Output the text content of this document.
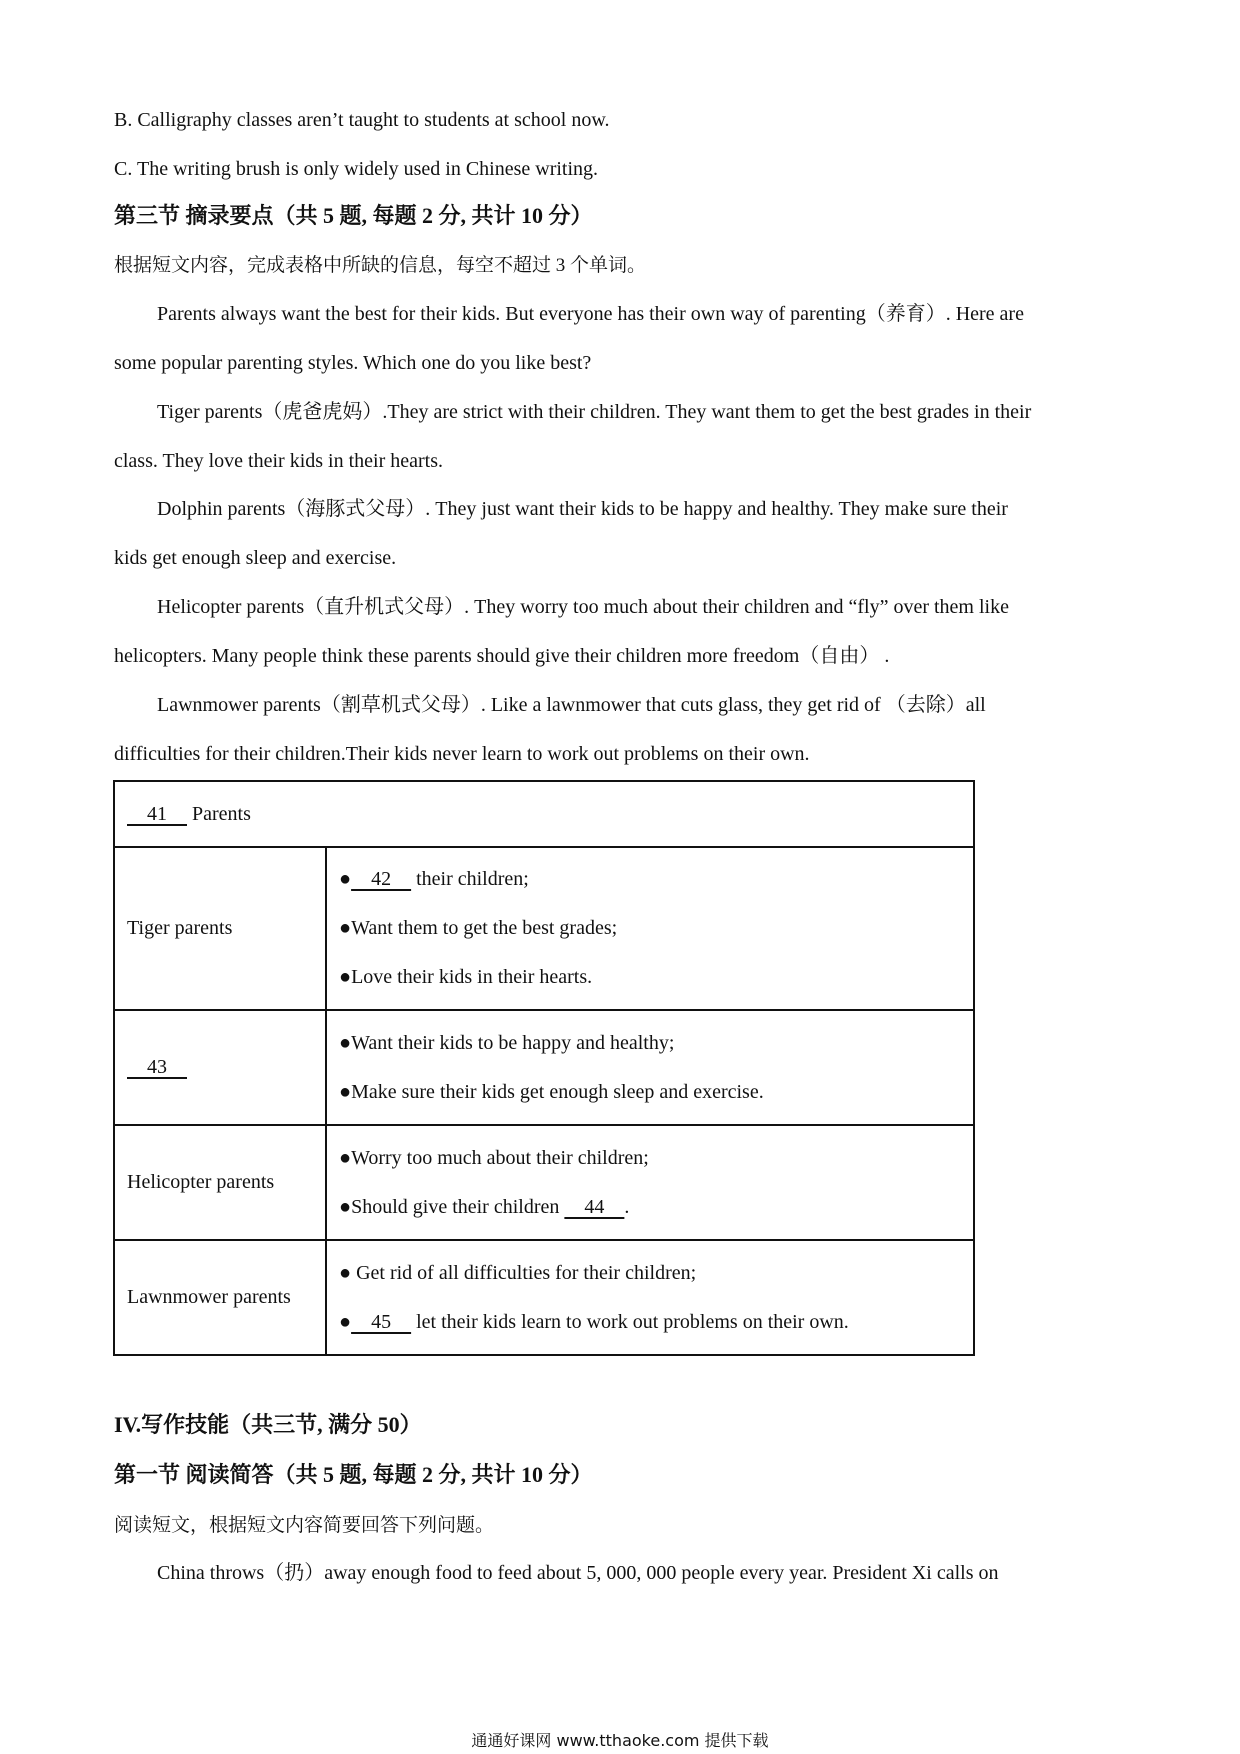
B. Calligraphy classes aren’t taught to students at school now.
C. The writing brush is only widely used in Chinese writing.
第三节 摘录要点（共 5 题, 每题 2 分, 共计 10 分）
根据短文内容，完成表格中所缺的信息，每空不超过 3 个单词。
Parents always want the best for their kids. But everyone has their own way of parenting（养育）. Here are
some popular parenting styles. Which one do you like best?
Tiger parents（虎爸虎妈）.They are strict with their children. They want them to get the best grades in their
class. They love their kids in their hearts.
Dolphin parents（海豚式父母）. They just want their kids to be happy and healthy. They make sure their
kids get enough sleep and exercise.
Helicopter parents（直升机式父母）. They worry too much about their children and “fly” over them like
helicopters. Many people think these parents should give their children more freedom（自由） .
Lawnmower parents（割草机式父母）. Like a lawnmower that cuts glass, they get rid of （去除）all
difficulties for their children.Their kids never learn to work out problems on their own.
41     Parents	
Tiger parents	●    42     their children;
●Want them to get the best grades;
●Love their kids in their hearts.

43	●Want their kids to be happy and healthy;
●Make sure their kids get enough sleep and exercise.

Helicopter parents	●Worry too much about their children;
●Should give their children     44    .

Lawnmower parents	● Get rid of all difficulties for their children;
●    45     let their kids learn to work out problems on their own.
IV.写作技能（共三节, 满分 50）
第一节 阅读简答（共 5 题, 每题 2 分, 共计 10 分）
阅读短文，根据短文内容简要回答下列问题。
China throws（扔）away enough food to feed about 5, 000, 000 people every year. President Xi calls on
通通好课网 www.tthaoke.com 提供下载
